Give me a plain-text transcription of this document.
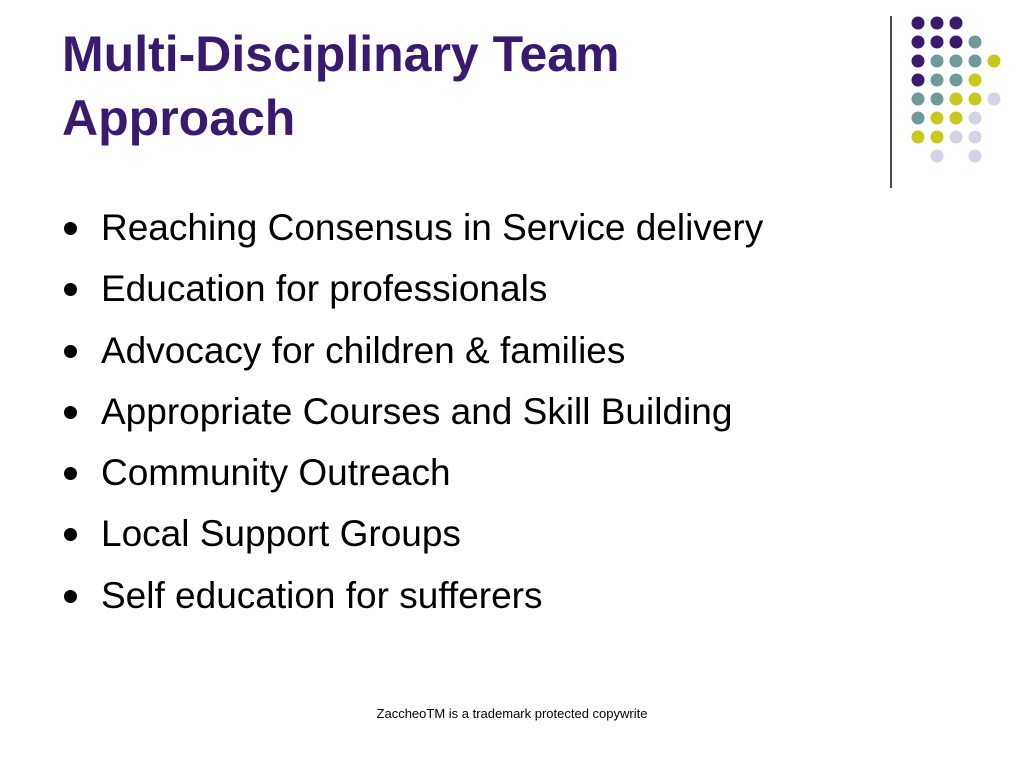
Multi-Disciplinary Team
Approach
Reaching Consensus in Service delivery
Education for professionals
Advocacy for children & families
Appropriate Courses and Skill Building
Community Outreach
Local Support Groups
Self education for sufferers
ZaccheoTM is a trademark protected copywrite
